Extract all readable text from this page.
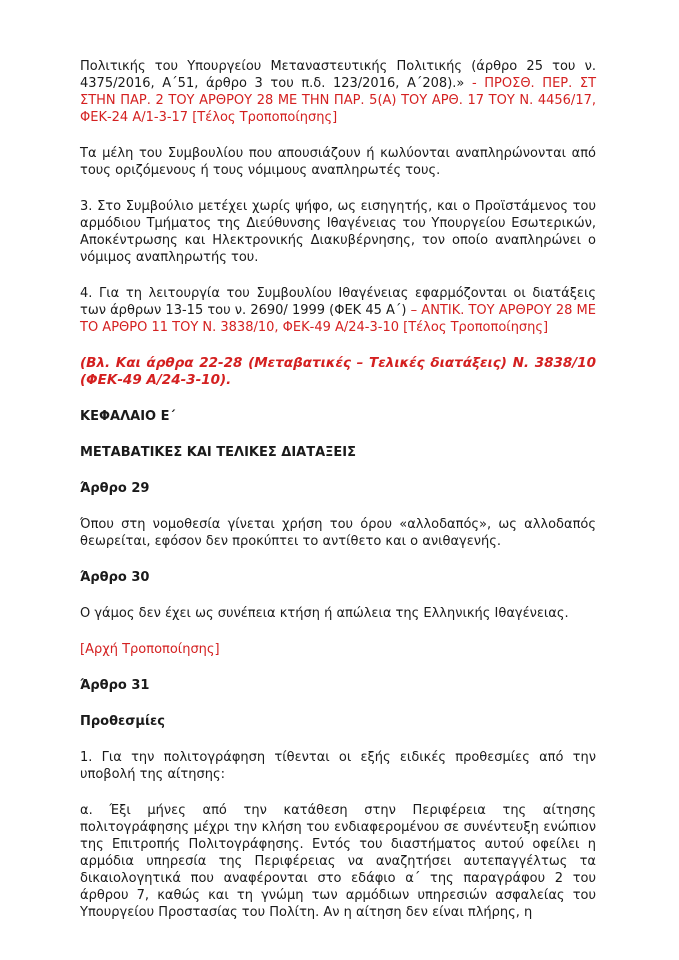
Πολιτικής του Υπουργείου Μεταναστευτικής Πολιτικής (άρθρο 25 του ν. 4375/2016, Α΄51, άρθρο 3 του π.δ. 123/2016, Α΄208).» - ΠΡΟΣΘ. ΠΕΡ. ΣΤ ΣΤΗΝ ΠΑΡ. 2 ΤΟΥ ΑΡΘΡΟΥ 28 ΜΕ ΤΗΝ ΠΑΡ. 5(Α) ΤΟΥ ΑΡΘ. 17 ΤΟΥ Ν. 4456/17, ΦΕΚ-24 Α/1-3-17 [Τέλος Τροποποίησης]

Τα μέλη του Συμβουλίου που απουσιάζουν ή κωλύονται αναπληρώνονται από τους οριζόμενους ή τους νόμιμους αναπληρωτές τους.

3. Στο Συμβούλιο μετέχει χωρίς ψήφο, ως εισηγητής, και ο Προϊστάμενος του αρμόδιου Τμήματος της Διεύθυνσης Ιθαγένειας του Υπουργείου Εσωτερικών, Αποκέντρωσης και Ηλεκτρονικής Διακυβέρνησης, τον οποίο αναπληρώνει ο νόμιμος αναπληρωτής του.

4. Για τη λειτουργία του Συμβουλίου Ιθαγένειας εφαρμόζονται οι διατάξεις των άρθρων 13-15 του ν. 2690/ 1999 (ΦΕΚ 45 Α΄) – ΑΝΤΙΚ. ΤΟΥ ΑΡΘΡΟΥ 28 ΜΕ ΤΟ ΑΡΘΡΟ 11 ΤΟΥ Ν. 3838/10, ΦΕΚ-49 Α/24-3-10 [Τέλος Τροποποίησης]

(Βλ. Και άρθρα 22-28 (Μεταβατικές – Τελικές διατάξεις) Ν. 3838/10 (ΦΕΚ-49 Α/24-3-10).

ΚΕΦΑΛΑΙΟ Ε΄

ΜΕΤΑΒΑΤΙΚΕΣ ΚΑΙ ΤΕΛΙΚΕΣ ΔΙΑΤΑΞΕΙΣ

Άρθρο 29

Όπου στη νομοθεσία γίνεται χρήση του όρου «αλλοδαπός», ως αλλοδαπός θεωρείται, εφόσον δεν προκύπτει το αντίθετο και ο ανιθαγενής.

Άρθρο 30

Ο γάμος δεν έχει ως συνέπεια κτήση ή απώλεια της Ελληνικής Ιθαγένειας.

[Αρχή Τροποποίησης]

Άρθρο 31

Προθεσμίες

1. Για την πολιτογράφηση τίθενται οι εξής ειδικές προθεσμίες από την υποβολή της αίτησης:

α. Έξι μήνες από την κατάθεση στην Περιφέρεια της αίτησης πολιτογράφησης μέχρι την κλήση του ενδιαφερομένου σε συνέντευξη ενώπιον της Επιτροπής Πολιτογράφησης. Εντός του διαστήματος αυτού οφείλει η αρμόδια υπηρεσία της Περιφέρειας να αναζητήσει αυτεπαγγέλτως τα δικαιολογητικά που αναφέρονται στο εδάφιο α΄ της παραγράφου 2 του άρθρου 7, καθώς και τη γνώμη των αρμόδιων υπηρεσιών ασφαλείας του Υπουργείου Προστασίας του Πολίτη. Αν η αίτηση δεν είναι πλήρης, η
